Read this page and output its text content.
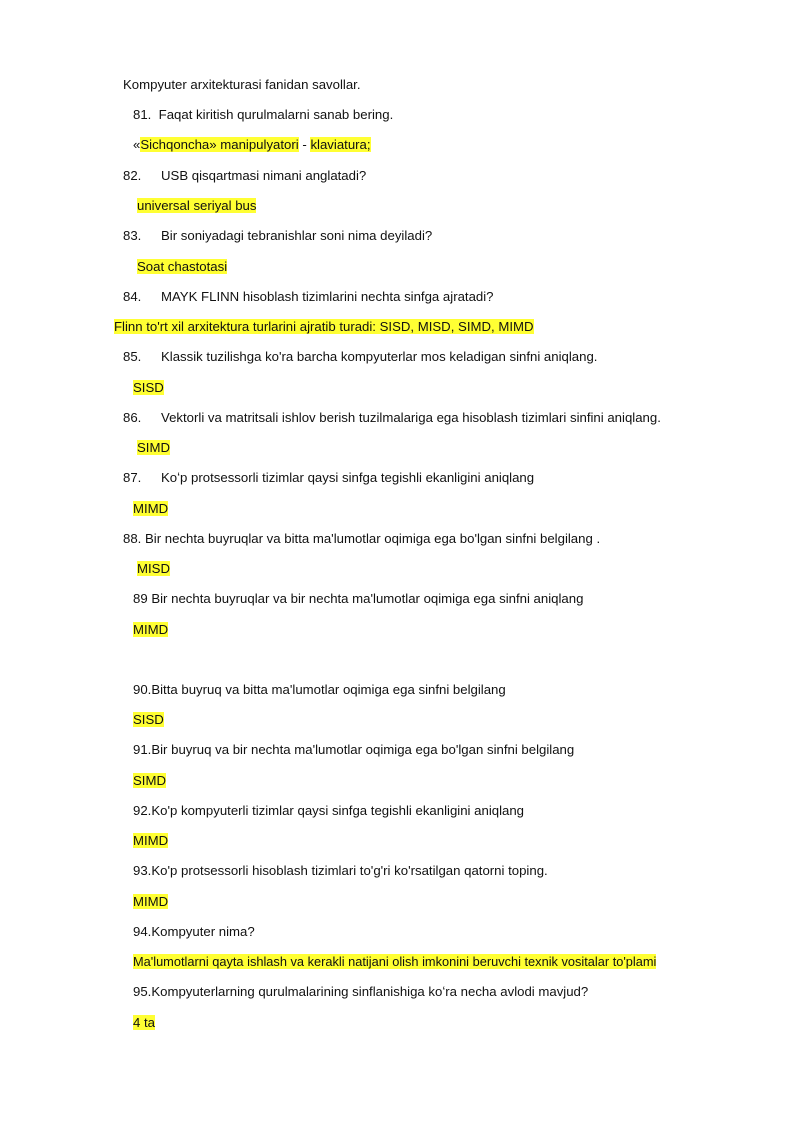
Kompyuter arxitekturasi fanidan savollar.
81. Faqat kiritish qurulmalarni sanab bering.
«Sichqoncha» manipulyatori - klaviatura;
82. USB qisqartmasi nimani anglatadi?
universal seriyal bus
83. Bir soniyadagi tebranishlar soni nima deyiladi?
Soat chastotasi
84. MAYK FLINN hisoblash tizimlarini nechta sinfga ajratadi?
Flinn to'rt xil arxitektura turlarini ajratib turadi: SISD, MISD, SIMD, MIMD
85. Klassik tuzilishga ko'ra barcha kompyuterlar mos keladigan sinfni aniqlang.
SISD
86. Vektorli va matritsali ishlov berish tuzilmalariga ega hisoblash tizimlari sinfini aniqlang.
SIMD
87. Koʻp protsessorli tizimlar qaysi sinfga tegishli ekanligini aniqlang
MIMD
88. Bir nechta buyruqlar va bitta ma'lumotlar oqimiga ega bo'lgan sinfni belgilang .
MISD
89 Bir nechta buyruqlar va bir nechta ma'lumotlar oqimiga ega sinfni aniqlang
MIMD
90.Bitta buyruq va bitta ma'lumotlar oqimiga ega sinfni belgilang
SISD
91.Bir buyruq va bir nechta ma'lumotlar oqimiga ega bo'lgan sinfni belgilang
SIMD
92.Ko'p kompyuterli tizimlar qaysi sinfga tegishli ekanligini aniqlang
MIMD
93.Ko'p protsessorli hisoblash tizimlari to'g'ri ko'rsatilgan qatorni toping.
MIMD
94.Kompyuter nima?
Ma'lumotlarni qayta ishlash va kerakli natijani olish imkonini beruvchi texnik vositalar to'plami
95.Kompyuterlarning qurulmalarining sinflanishiga koʻra necha avlodi mavjud?
4 ta
